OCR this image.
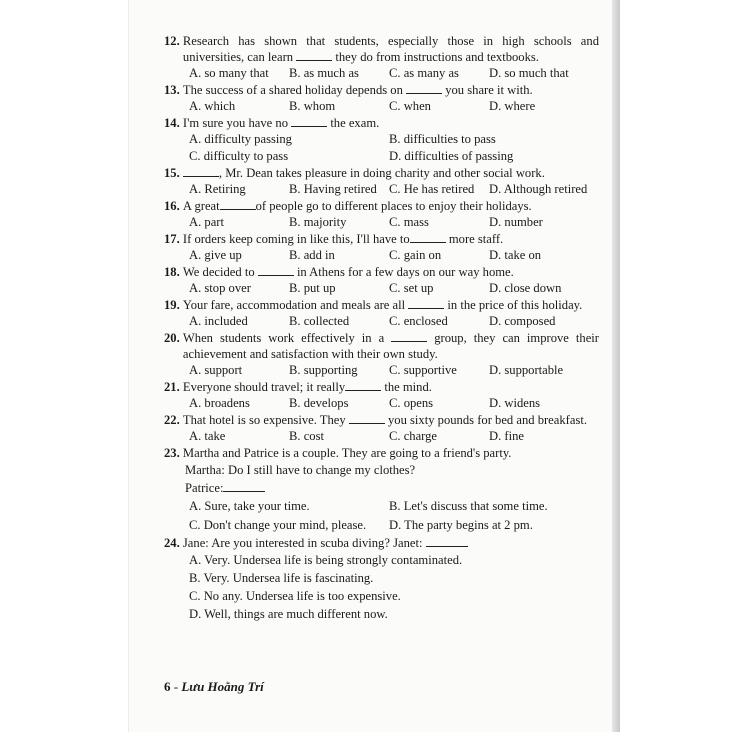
12.
Research has shown that students, especially those in high schools and universities, can learn	they do from instructions and textbooks.
A. so many that	B. as much as	C. as many as	D. so much that
13.
The success of a shared holiday depends on	you share it with.
A. which	B. whom	C. when	D. where
14.
I'm sure you have no	the exam.
A. difficulty passing	B. difficulties to pass
C. difficulty to pass	D. difficulties of passing
15.
	, Mr. Dean takes pleasure in doing charity and other social work.
A. Retiring	B. Having retired C. He has retired	D. Although retired
16.
A great	of people go to different places to enjoy their holidays.
A. part	B. majority	C. mass	D. number
17.
If orders keep coming in like this, I'll have to	more staff.
A. give up	B. add in	C. gain on	D. take on
18.
We decided to	in Athens for a few days on our way home.
A. stop over	B. put up	C. set up	D. close down
19.
Your fare, accommodation and meals are all	in the price of this holiday.
A. included	B. collected	C. enclosed	D. composed
20.
When students work effectively in a	group, they can improve their achievement and satisfaction with their own study.
A. support	B. supporting	C. supportive	D. supportable
21.
Everyone should travel; it really	the mind.
A. broadens	B. develops	C. opens	D. widens
22.
That hotel is so expensive. They	you sixty pounds for bed and breakfast.
A. take	B. cost	C. charge	D. fine
23.
Martha and Patrice is a couple. They are going to a friend's party.
Martha: Do I still have to change my clothes?
Patrice:
A. Sure, take your time.	B. Let's discuss that some time.
C. Don't change your mind, please.	D. The party begins at 2 pm.
24.
Jane: Are you interested in scuba diving? Janet:
A. Very. Undersea life is being strongly contaminated.
B. Very. Undersea life is fascinating.
C. No any. Undersea life is too expensive.
D. Well, things are much different now.
6 - Lưu Hoằng Trí
